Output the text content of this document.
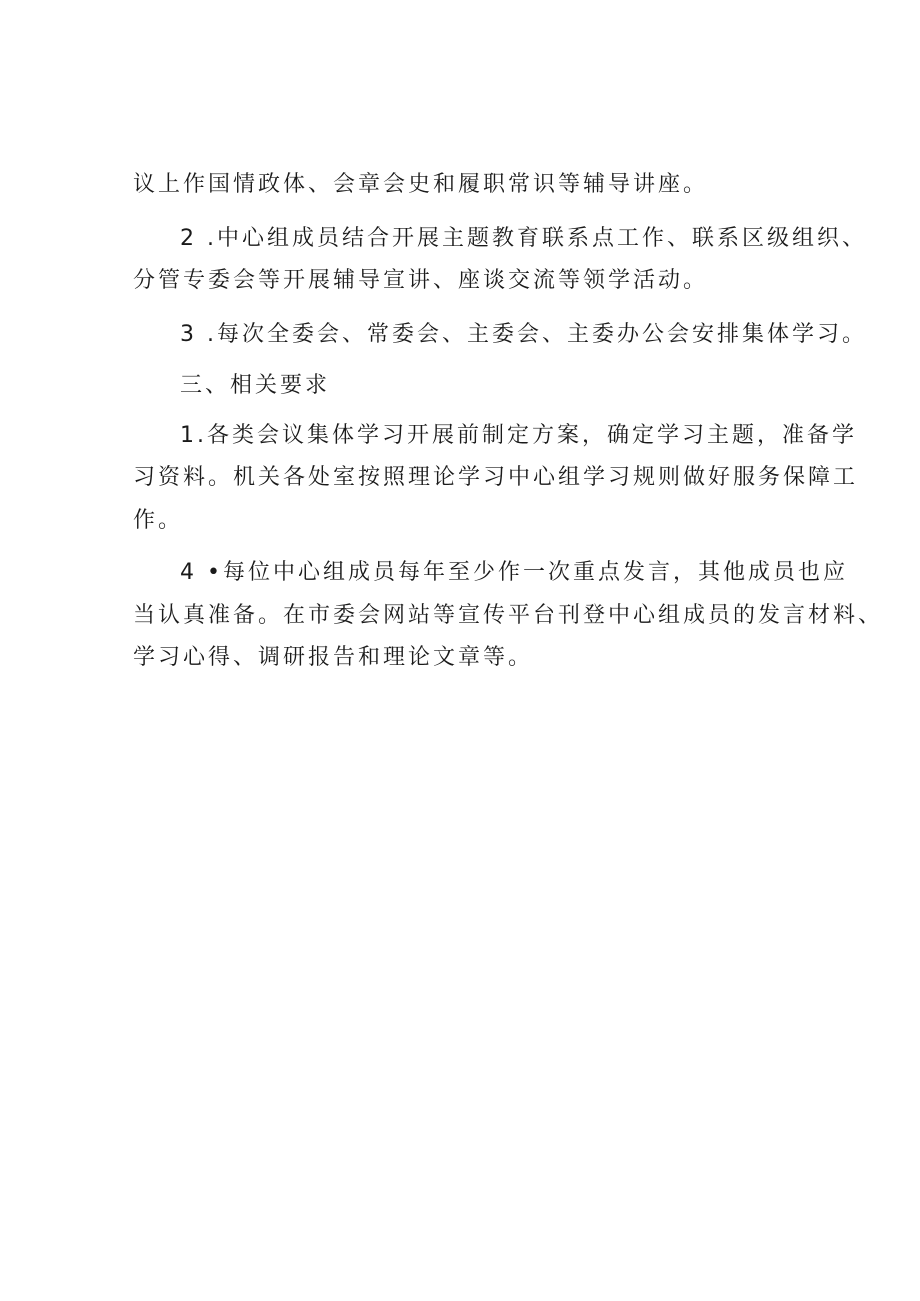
议上作国情政体、会章会史和履职常识等辅导讲座。
2 .中心组成员结合开展主题教育联系点工作、联系区级组织、
分管专委会等开展辅导宣讲、座谈交流等领学活动。
3 .每次全委会、常委会、主委会、主委办公会安排集体学习。
三、相关要求
1.各类会议集体学习开展前制定方案，确定学习主题，准备学
习资料。机关各处室按照理论学习中心组学习规则做好服务保障工
作。
4 •每位中心组成员每年至少作一次重点发言，其他成员也应
当认真准备。在市委会网站等宣传平台刊登中心组成员的发言材料、
学习心得、调研报告和理论文章等。
